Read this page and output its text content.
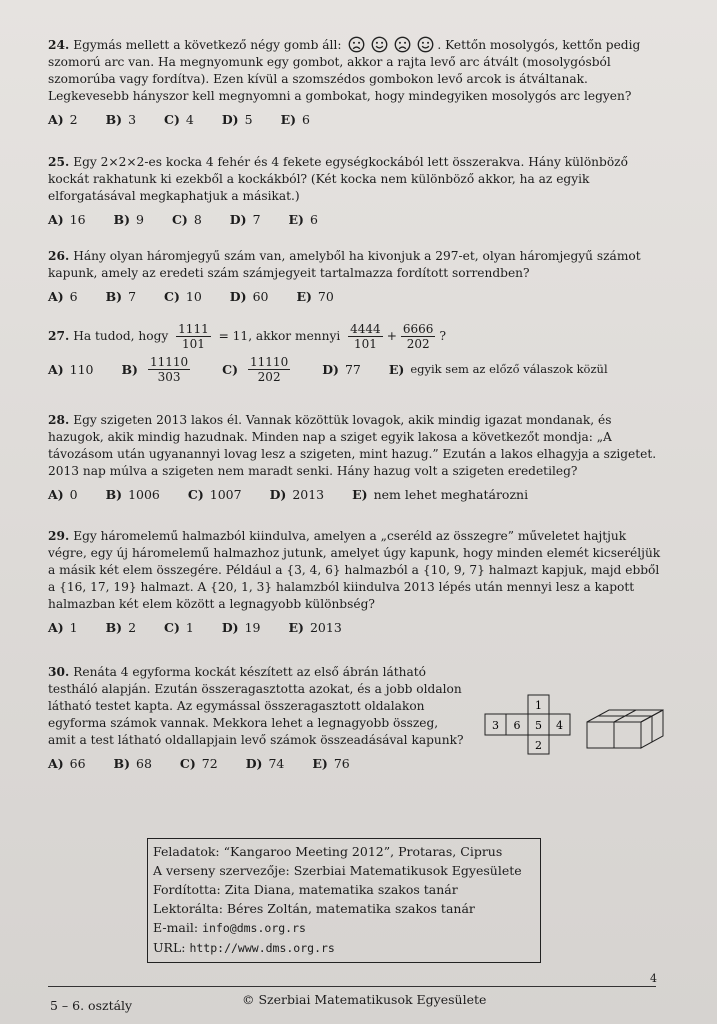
24. Egymás mellett a következő négy gomb áll:	. Kettőn mosolygós, kettőn pedig szomorú arc van. Ha megnyomunk egy gombot, akkor a rajta levő arc átvált (mosolygósból szomorúba vagy fordítva). Ezen kívül a szomszédos gombokon levő arcok is átváltanak. Legkevesebb hányszor kell megnyomni a gombokat, hogy mindegyiken mosolygós arc legyen?

A) 2 B) 3 C) 4 D) 5 E) 6

25. Egy 2×2×2-es kocka 4 fehér és 4 fekete egységkockából lett összerakva. Hány különböző kockát rakhatunk ki ezekből a kockákból? (Két kocka nem különböző akkor, ha az egyik elforgatásával megkaphatjuk a másikat.)

A) 16 B) 9 C) 8 D) 7 E) 6

26. Hány olyan háromjegyű szám van, amelyből ha kivonjuk a 297-et, olyan háromjegyű számot kapunk, amely az eredeti szám számjegyeit tartalmazza fordított sorrendben?

A) 6 B) 7 C) 10 D) 60 E) 70

27. Ha tudod, hogy $\frac{1111}{101} = 11$, akkor mennyi $\frac{4444}{101} + \frac{6666}{202}$ ?

A) 110 $B) \frac{11110}{303}$	$C) \frac{11110}{202}$	D) 77 E) egyik sem az előző válaszok közül

28. Egy szigeten 2013 lakos él. Vannak közöttük lovagok, akik mindig igazat mondanak, és hazugok, akik mindig hazudnak. Minden nap a sziget egyik lakosa a következőt mondja: „A távozásom után ugyanannyi lovag lesz a szigeten, mint hazug.” Ezután a lakos elhagyja a szigetet. 2013 nap múlva a szigeten nem maradt senki. Hány hazug volt a szigeten eredetileg?

A) 0 B) 1006 C) 1007 D) 2013 E) nem lehet meghatározni

29. Egy háromelemű halmazból kiindulva, amelyen a „cseréld az összegre” műveletet hajtjuk végre, egy új háromelemű halmazhoz jutunk, amelyet úgy kapunk, hogy minden elemét kicseréljük a másik két elem összegére. Például a {3, 4, 6} halmazból a {10, 9, 7} halmazt kapjuk, majd ebből a {16, 17, 19} halmazt. A {20, 1, 3} halamzból kiindulva 2013 lépés után mennyi lesz a kapott halmazban két elem között a legnagyobb különbség?

A) 1 B) 2 C) 1 D) 19 E) 2013

30. Renáta 4 egyforma kockát készített az első ábrán látható testháló alapján. Ezután összeragasztotta azokat, és a jobb oldalon látható testet kapta. Az egymással összeragasztott oldalakon egyforma számok vannak. Mekkora lehet a legnagyobb összeg, amit a test látható oldallapjain levő számok összeadásával kapunk?

A) 66 B) 68 C) 72 D) 74 E) 76
1
3 6 5 4
2
Feladatok: “Kangaroo Meeting 2012”, Protaras, Ciprus
A verseny szervezője: Szerbiai Matematikusok Egyesülete
Fordította: Zita Diana, matematika szakos tanár
Lektorálta: Béres Zoltán, matematika szakos tanár
E-mail: info@dms.org.rs
URL: http://www.dms.org.rs
4
5 – 6. osztály	© Szerbiai Matematikusok Egyesülete
